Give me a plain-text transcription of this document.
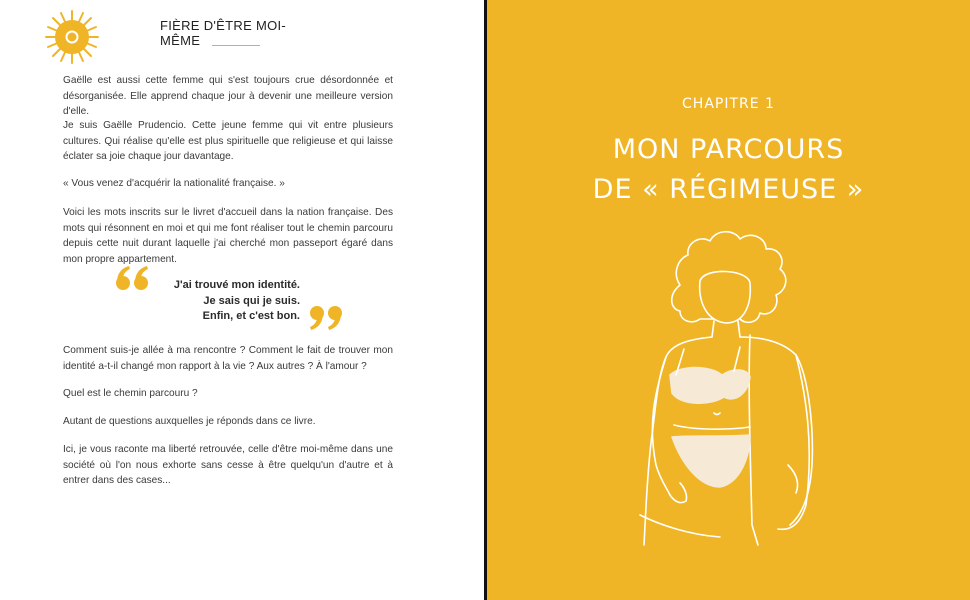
FIÈRE D'ÊTRE MOI-MÊME

Gaëlle est aussi cette femme qui s'est toujours crue désordonnée et désorganisée. Elle apprend chaque jour à devenir une meilleure version d'elle.

Je suis Gaëlle Prudencio. Cette jeune femme qui vit entre plusieurs cultures. Qui réalise qu'elle est plus spirituelle que religieuse et qui laisse éclater sa joie chaque jour davantage.

« Vous venez d'acquérir la nationalité française. »

Voici les mots inscrits sur le livret d'accueil dans la nation française. Des mots qui résonnent en moi et qui me font réaliser tout le chemin parcouru depuis cette nuit durant laquelle j'ai cherché mon passeport égaré dans mon propre appartement.

J'ai trouvé mon identité.
Je sais qui je suis.
Enfin, et c'est bon.

Comment suis-je allée à ma rencontre ? Comment le fait de trouver mon identité a-t-il changé mon rapport à la vie ? Aux autres ? À l'amour ?

Quel est le chemin parcouru ?

Autant de questions auxquelles je réponds dans ce livre.

Ici, je vous raconte ma liberté retrouvée, celle d'être moi-même dans une société où l'on nous exhorte sans cesse à être quelqu'un d'autre et à entrer dans des cases...

CHAPITRE 1
MON PARCOURS
DE « RÉGIMEUSE »
